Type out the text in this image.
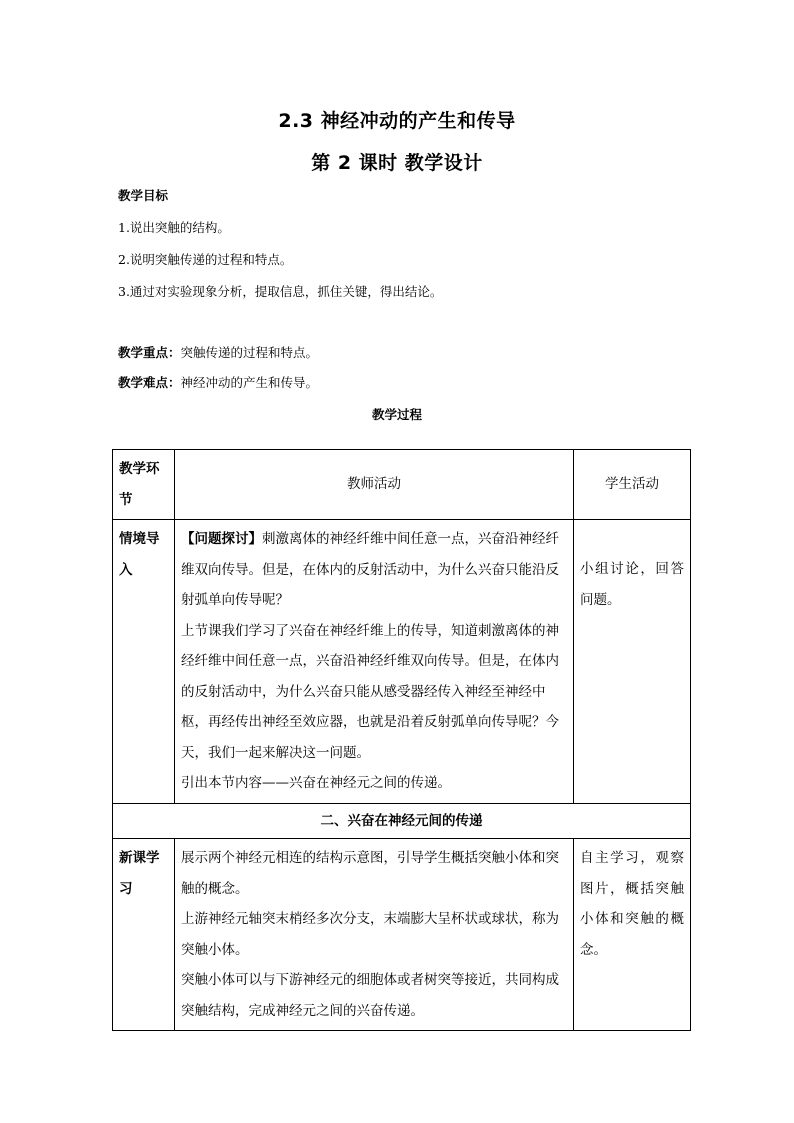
2.3 神经冲动的产生和传导
第 2 课时 教学设计
教学目标
1.说出突触的结构。
2.说明突触传递的过程和特点。
3.通过对实验现象分析，提取信息，抓住关键，得出结论。
教学重点：突触传递的过程和特点。
教学难点：神经冲动的产生和传导。
教学过程
教学环节	教师活动	学生活动
情境导入	【问题探讨】刺激离体的神经纤维中间任意一点，兴奋沿神经纤维双向传导。但是，在体内的反射活动中，为什么兴奋只能沿反射弧单向传导呢？

上节课我们学习了兴奋在神经纤维上的传导，知道刺激离体的神经纤维中间任意一点，兴奋沿神经纤维双向传导。但是，在体内的反射活动中，为什么兴奋只能从感受器经传入神经至神经中枢，再经传出神经至效应器，也就是沿着反射弧单向传导呢？今天，我们一起来解决这一问题。

引出本节内容——兴奋在神经元之间的传递。	小组讨论，回答问题。
二、兴奋在神经元间的传递		
新课学习	展示两个神经元相连的结构示意图，引导学生概括突触小体和突触的概念。

上游神经元轴突末梢经多次分支，末端膨大呈杯状或球状，称为突触小体。

突触小体可以与下游神经元的细胞体或者树突等接近，共同构成突触结构，完成神经元之间的兴奋传递。	自主学习，观察图片，概括突触小体和突触的概念。
